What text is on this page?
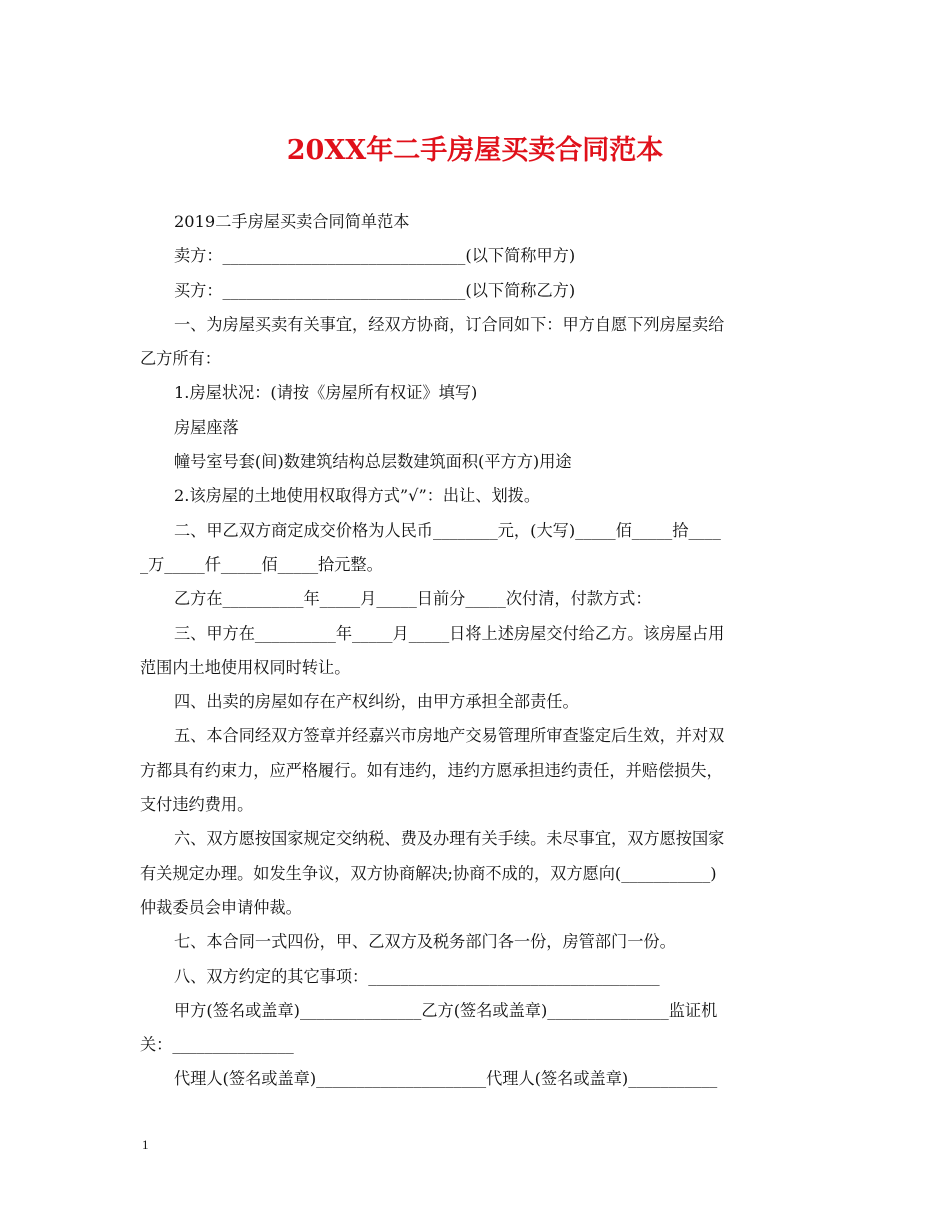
20XX年二手房屋买卖合同范本

2019二手房屋买卖合同简单范本

卖方：______________________________(以下简称甲方)

买方：______________________________(以下简称乙方)

一、为房屋买卖有关事宜，经双方协商，订合同如下：甲方自愿下列房屋卖给

乙方所有：

1.房屋状况：(请按《房屋所有权证》填写)

房屋座落

幢号室号套(间)数建筑结构总层数建筑面积(平方方)用途

2.该房屋的土地使用权取得方式”√”：出让、划拨。

二、甲乙双方商定成交价格为人民币________元，(大写)_____佰_____拾____

_万_____仟_____佰_____拾元整。

乙方在__________年_____月_____日前分_____次付清，付款方式：

三、甲方在__________年_____月_____日将上述房屋交付给乙方。该房屋占用

范围内土地使用权同时转让。

四、出卖的房屋如存在产权纠纷，由甲方承担全部责任。

五、本合同经双方签章并经嘉兴市房地产交易管理所审查鉴定后生效，并对双

方都具有约束力，应严格履行。如有违约，违约方愿承担违约责任，并赔偿损失，

支付违约费用。

六、双方愿按国家规定交纳税、费及办理有关手续。未尽事宜，双方愿按国家

有关规定办理。如发生争议，双方协商解决;协商不成的，双方愿向(___________)

仲裁委员会申请仲裁。

七、本合同一式四份，甲、乙双方及税务部门各一份，房管部门一份。

八、双方约定的其它事项：____________________________________

甲方(签名或盖章)_______________乙方(签名或盖章)_______________监证机

关：_______________

代理人(签名或盖章)_____________________代理人(签名或盖章)___________

1
